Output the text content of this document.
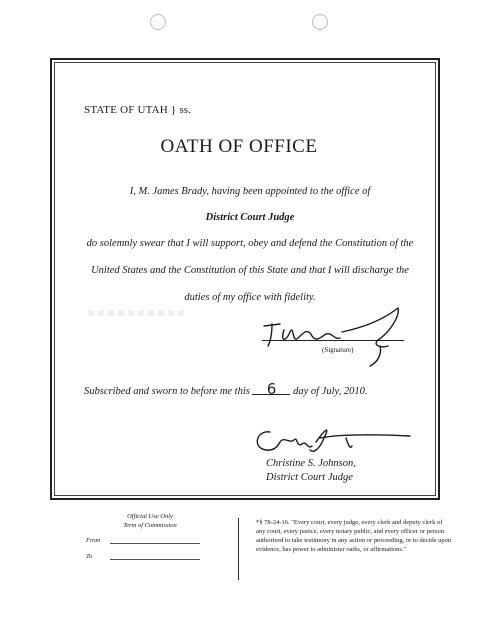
STATE OF UTAH } ss.
OATH OF OFFICE
I, M. James Brady, having been appointed to the office of
District Court Judge
do solemnly swear that I will support, obey and defend the Constitution of the
United States and the Constitution of this State and that I will discharge the
duties of my office with fidelity.
(Signature)
Subscribed and sworn to before me this 6 day of July, 2010.
Christine S. Johnson,
District Court Judge
Official Use Only
Term of Commission
From
To
*§ 78-24-16. "Every court, every judge, every clerk and deputy clerk of any court, every justice, every notary public, and every officer or person authorized to take testimony in any action or proceeding, or to decide upon evidence, has power to administer oaths, or affirmations."
